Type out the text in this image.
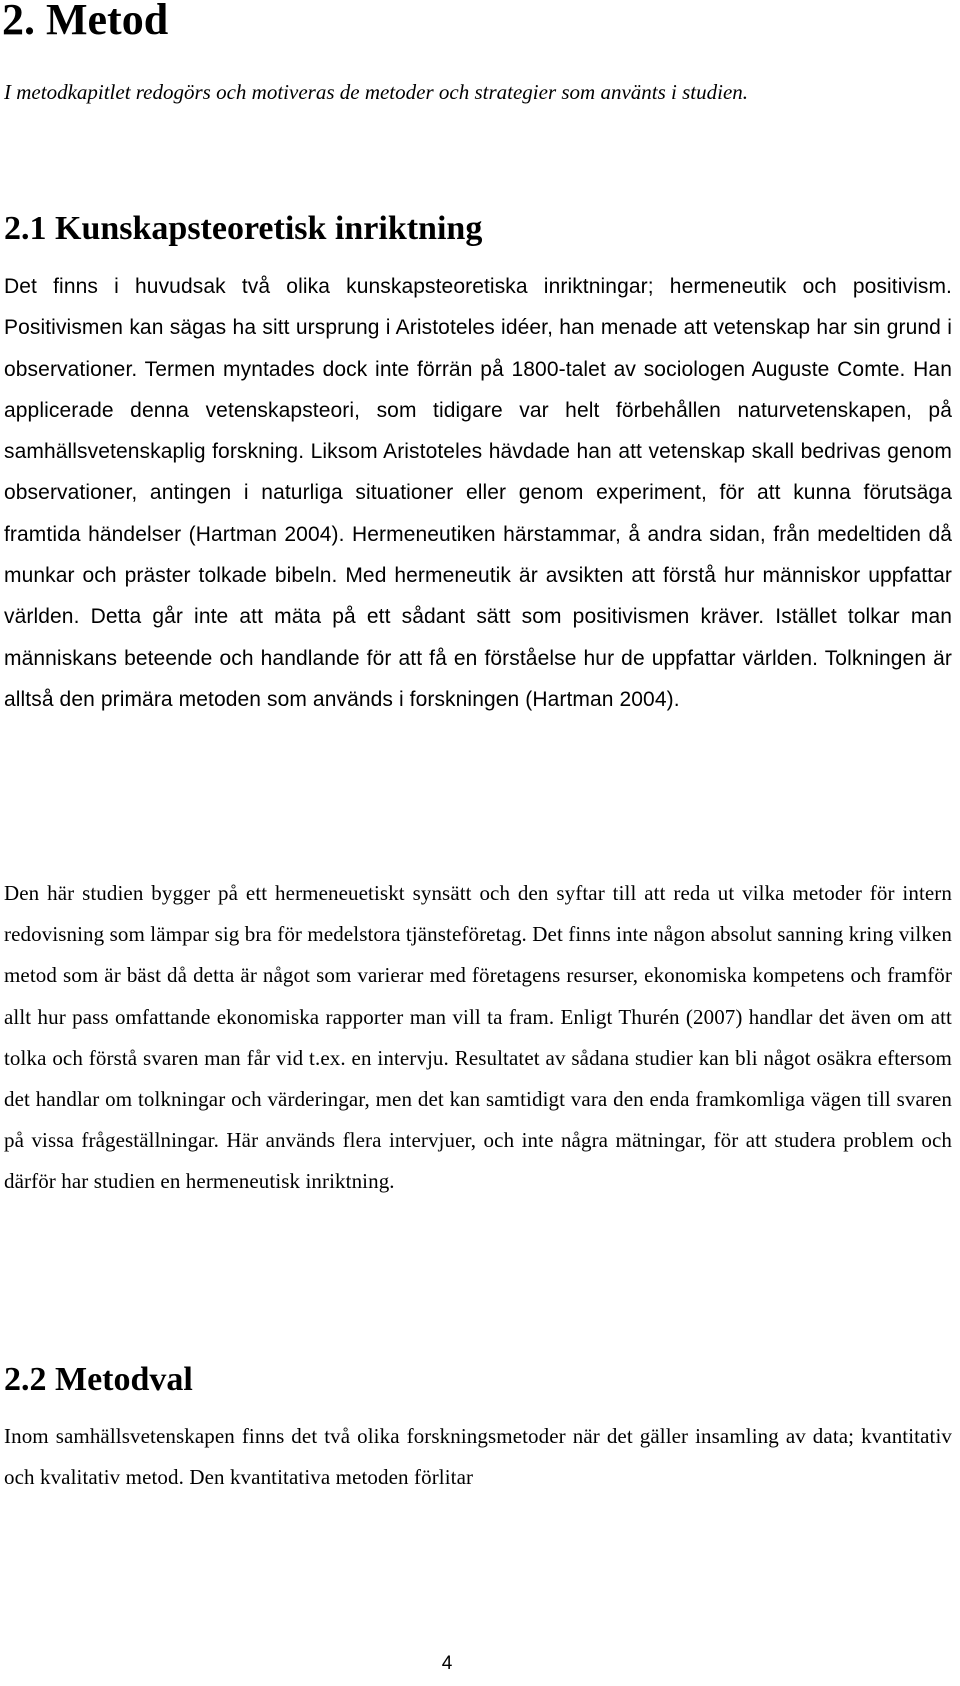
2. Metod

I metodkapitlet redogörs och motiveras de metoder och strategier som använts i studien.

2.1 Kunskapsteoretisk inriktning

Det finns i huvudsak två olika kunskapsteoretiska inriktningar; hermeneutik och positivism. Positivismen kan sägas ha sitt ursprung i Aristoteles idéer, han menade att vetenskap har sin grund i observationer. Termen myntades dock inte förrän på 1800-talet av sociologen Auguste Comte. Han applicerade denna vetenskapsteori, som tidigare var helt förbehållen naturvetenskapen, på samhällsvetenskaplig forskning. Liksom Aristoteles hävdade han att vetenskap skall bedrivas genom observationer, antingen i naturliga situationer eller genom experiment, för att kunna förutsäga framtida händelser (Hartman 2004). Hermeneutiken härstammar, å andra sidan, från medeltiden då munkar och präster tolkade bibeln. Med hermeneutik är avsikten att förstå hur människor uppfattar världen. Detta går inte att mäta på ett sådant sätt som positivismen kräver. Istället tolkar man människans beteende och handlande för att få en förståelse hur de uppfattar världen. Tolkningen är alltså den primära metoden som används i forskningen (Hartman 2004).

Den här studien bygger på ett hermeneuetiskt synsätt och den syftar till att reda ut vilka metoder för intern redovisning som lämpar sig bra för medelstora tjänsteföretag. Det finns inte någon absolut sanning kring vilken metod som är bäst då detta är något som varierar med företagens resurser, ekonomiska kompetens och framför allt hur pass omfattande ekonomiska rapporter man vill ta fram. Enligt Thurén (2007) handlar det även om att tolka och förstå svaren man får vid t.ex. en intervju. Resultatet av sådana studier kan bli något osäkra eftersom det handlar om tolkningar och värderingar, men det kan samtidigt vara den enda framkomliga vägen till svaren på vissa frågeställningar. Här används flera intervjuer, och inte några mätningar, för att studera problem och därför har studien en hermeneutisk inriktning.

2.2 Metodval

Inom samhällsvetenskapen finns det två olika forskningsmetoder när det gäller insamling av data; kvantitativ och kvalitativ metod. Den kvantitativa metoden förlitar

4
